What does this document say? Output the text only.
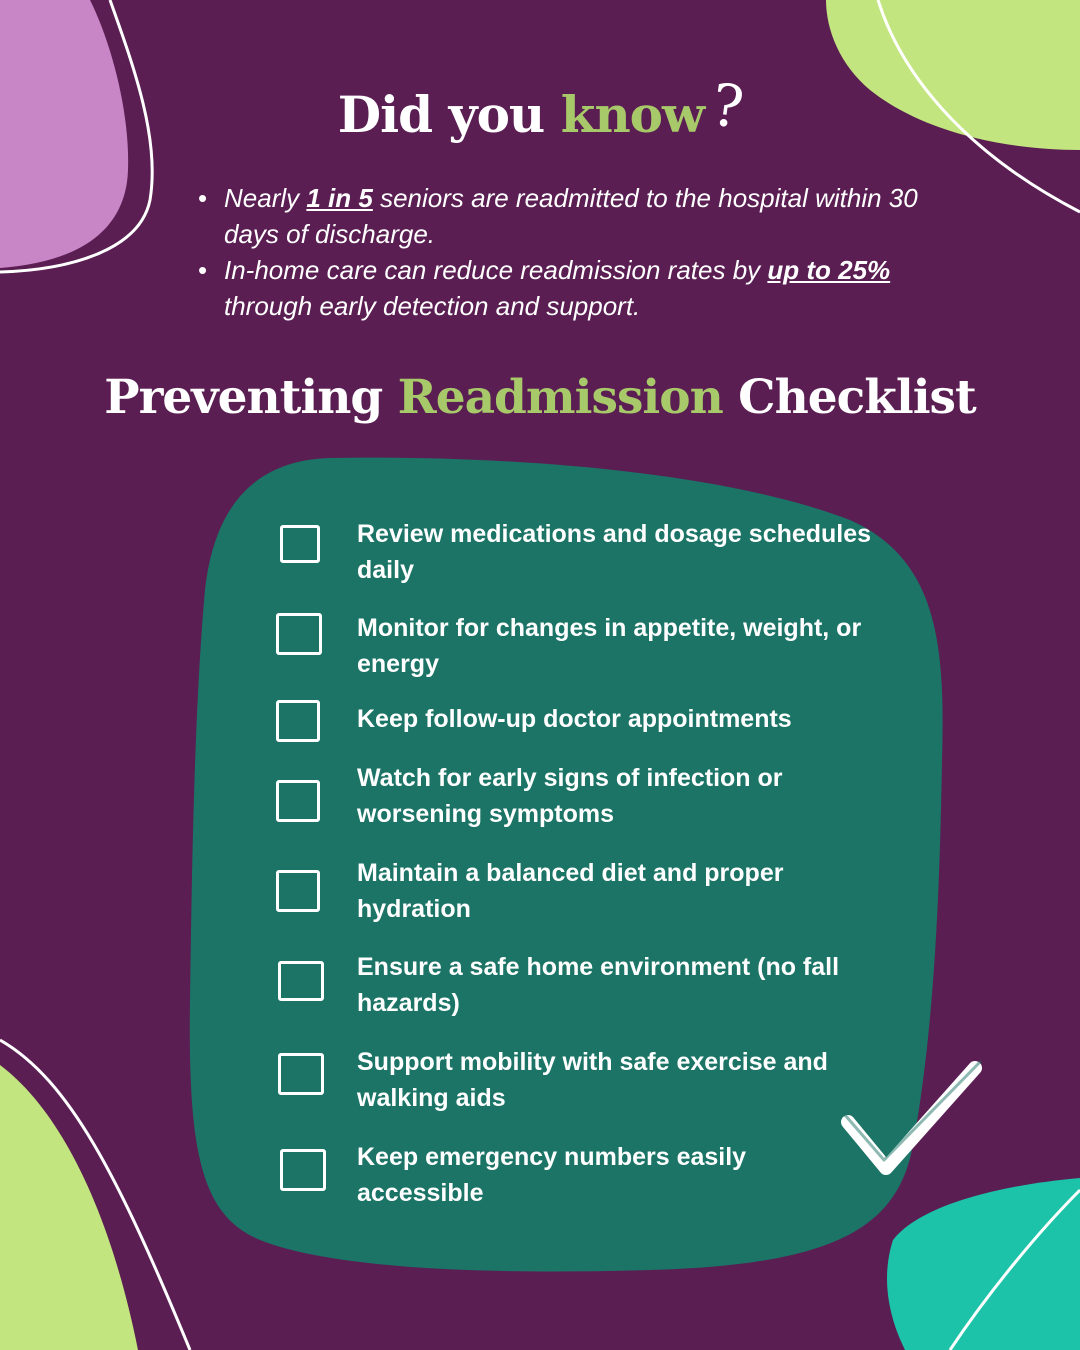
Did you know?
• Nearly 1 in 5 seniors are readmitted to the hospital within 30 days of discharge.
• In-home care can reduce readmission rates by up to 25% through early detection and support.
Preventing Readmission Checklist
Review medications and dosage schedules daily
Monitor for changes in appetite, weight, or energy
Keep follow-up doctor appointments
Watch for early signs of infection or worsening symptoms
Maintain a balanced diet and proper hydration
Ensure a safe home environment (no fall hazards)
Support mobility with safe exercise and walking aids
Keep emergency numbers easily accessible
